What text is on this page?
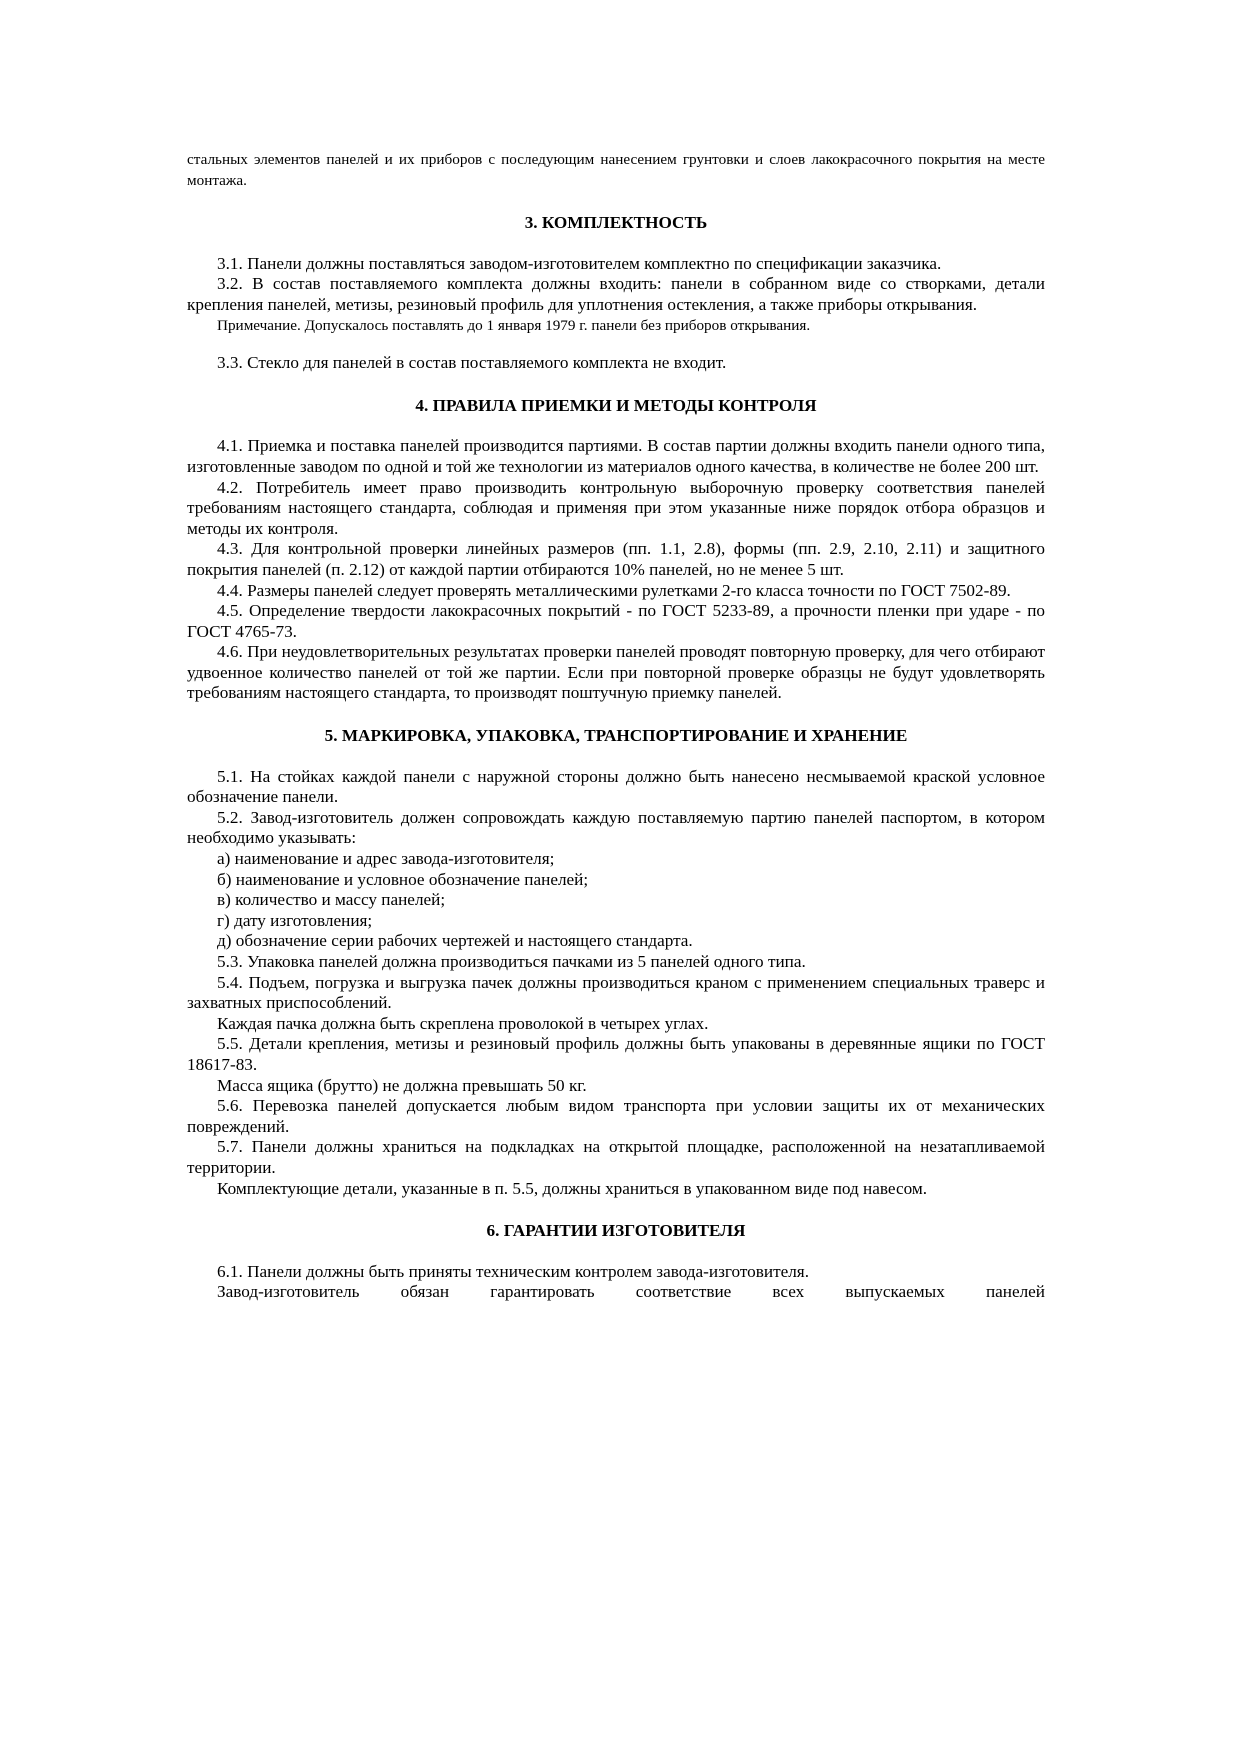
стальных элементов панелей и их приборов с последующим нанесением грунтовки и слоев лакокрасочного покрытия на месте монтажа.

3. КОМПЛЕКТНОСТЬ

3.1. Панели должны поставляться заводом-изготовителем комплектно по спецификации заказчика.

3.2. В состав поставляемого комплекта должны входить: панели в собранном виде со створками, детали крепления панелей, метизы, резиновый профиль для уплотнения остекления, а также приборы открывания.

Примечание. Допускалось поставлять до 1 января 1979 г. панели без приборов открывания.

3.3. Стекло для панелей в состав поставляемого комплекта не входит.

4. ПРАВИЛА ПРИЕМКИ И МЕТОДЫ КОНТРОЛЯ

4.1. Приемка и поставка панелей производится партиями. В состав партии должны входить панели одного типа, изготовленные заводом по одной и той же технологии из материалов одного качества, в количестве не более 200 шт.

4.2. Потребитель имеет право производить контрольную выборочную проверку соответствия панелей требованиям настоящего стандарта, соблюдая и применяя при этом указанные ниже порядок отбора образцов и методы их контроля.

4.3. Для контрольной проверки линейных размеров (пп. 1.1, 2.8), формы (пп. 2.9, 2.10, 2.11) и защитного покрытия панелей (п. 2.12) от каждой партии отбираются 10% панелей, но не менее 5 шт.

4.4. Размеры панелей следует проверять металлическими рулетками 2-го класса точности по ГОСТ 7502-89.

4.5. Определение твердости лакокрасочных покрытий - по ГОСТ 5233-89, а прочности пленки при ударе - по ГОСТ 4765-73.

4.6. При неудовлетворительных результатах проверки панелей проводят повторную проверку, для чего отбирают удвоенное количество панелей от той же партии. Если при повторной проверке образцы не будут удовлетворять требованиям настоящего стандарта, то производят поштучную приемку панелей.

5. МАРКИРОВКА, УПАКОВКА, ТРАНСПОРТИРОВАНИЕ И ХРАНЕНИЕ

5.1. На стойках каждой панели с наружной стороны должно быть нанесено несмываемой краской условное обозначение панели.

5.2. Завод-изготовитель должен сопровождать каждую поставляемую партию панелей паспортом, в котором необходимо указывать:

а) наименование и адрес завода-изготовителя;

б) наименование и условное обозначение панелей;

в) количество и массу панелей;

г) дату изготовления;

д) обозначение серии рабочих чертежей и настоящего стандарта.

5.3. Упаковка панелей должна производиться пачками из 5 панелей одного типа.

5.4. Подъем, погрузка и выгрузка пачек должны производиться краном с применением специальных траверс и захватных приспособлений.

Каждая пачка должна быть скреплена проволокой в четырех углах.

5.5. Детали крепления, метизы и резиновый профиль должны быть упакованы в деревянные ящики по ГОСТ 18617-83.

Масса ящика (брутто) не должна превышать 50 кг.

5.6. Перевозка панелей допускается любым видом транспорта при условии защиты их от механических повреждений.

5.7. Панели должны храниться на подкладках на открытой площадке, расположенной на незатапливаемой территории.

Комплектующие детали, указанные в п. 5.5, должны храниться в упакованном виде под навесом.

6. ГАРАНТИИ ИЗГОТОВИТЕЛЯ

6.1. Панели должны быть приняты техническим контролем завода-изготовителя.

Завод-изготовитель обязан гарантировать соответствие всех выпускаемых панелей
